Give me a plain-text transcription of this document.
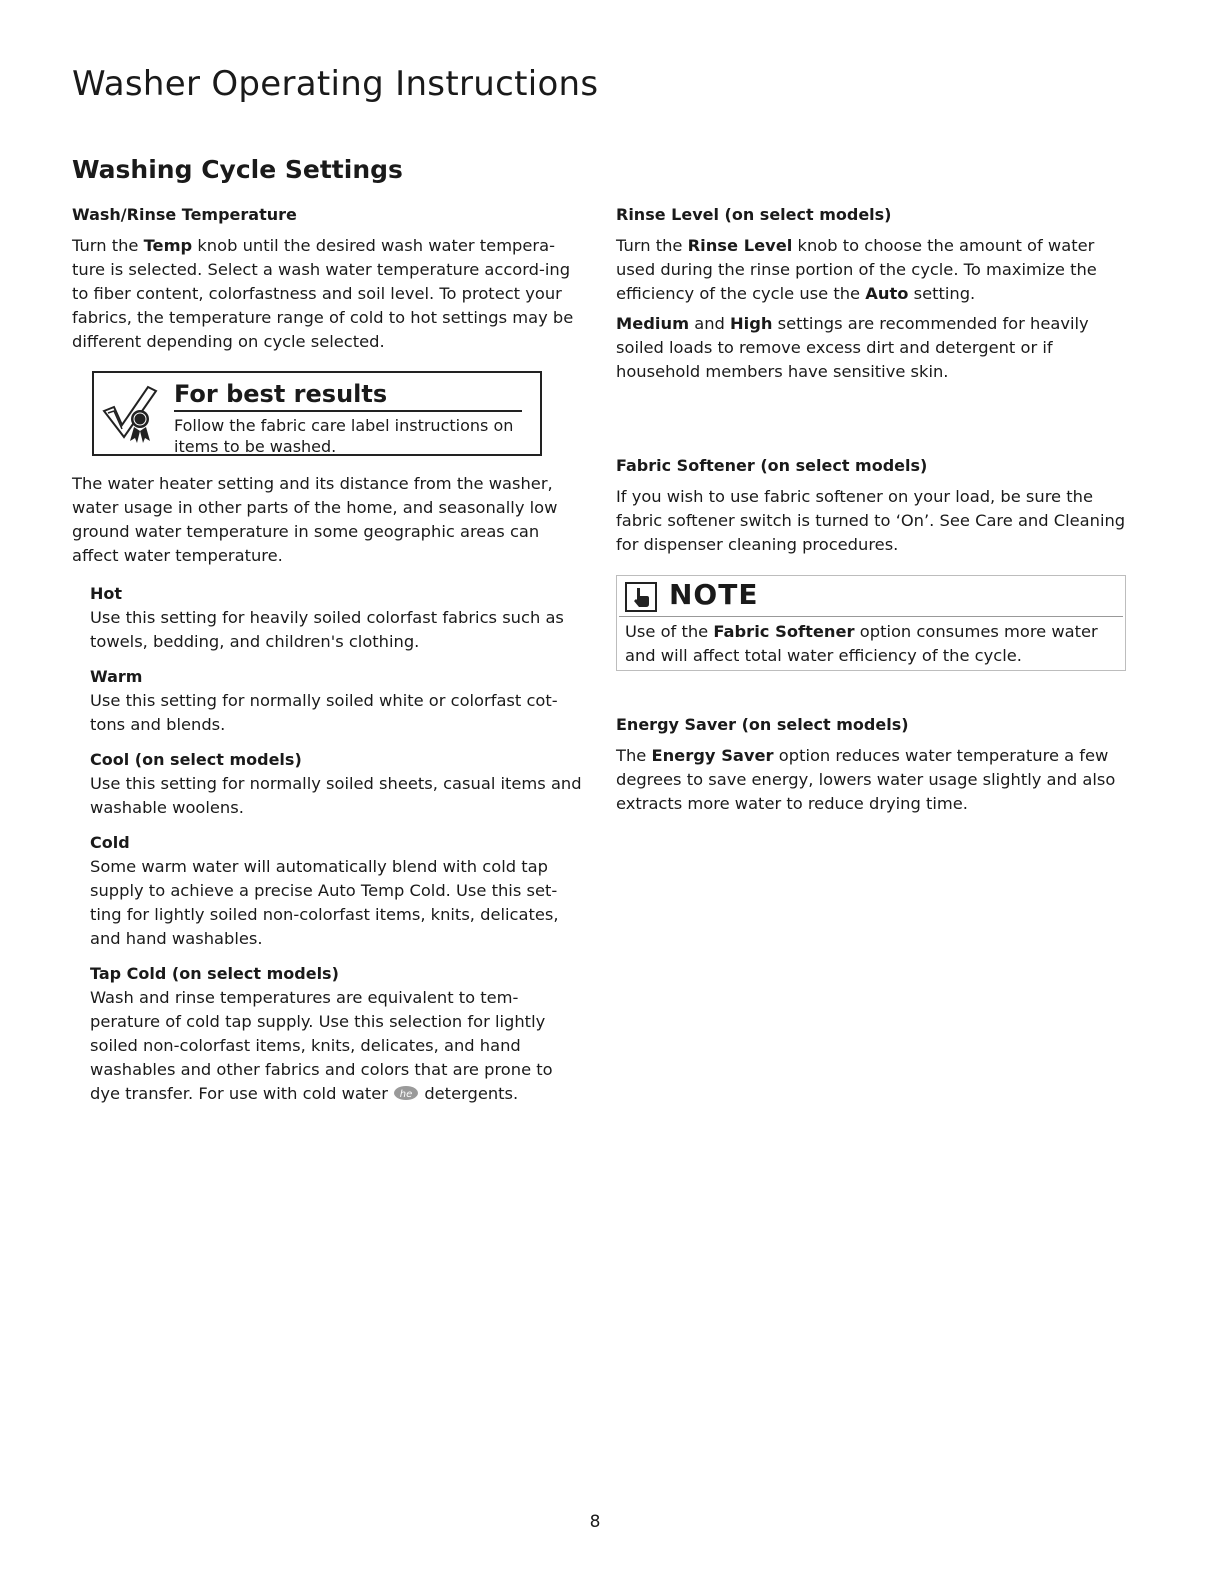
Washer Operating Instructions
Washing Cycle Settings
Wash/Rinse Temperature

Turn the Temp knob until the desired wash water tempera-ture is selected. Select a wash water temperature accord-ing to fiber content, colorfastness and soil level. To protect your fabrics, the temperature range of cold to hot settings may be different depending on cycle selected.

For best results
Follow the fabric care label instructions on items to be washed.

The water heater setting and its distance from the washer, water usage in other parts of the home, and seasonally low ground water temperature in some geographic areas can affect water temperature.

Hot

Use this setting for heavily soiled colorfast fabrics such as towels, bedding, and children's clothing.

Warm

Use this setting for normally soiled white or colorfast cot-tons and blends.

Cool (on select models)

Use this setting for normally soiled sheets, casual items and washable woolens.

Cold

Some warm water will automatically blend with cold tap supply to achieve a precise Auto Temp Cold. Use this set-ting for lightly soiled non-colorfast items, knits, delicates, and hand washables.

Tap Cold (on select models)

Wash and rinse temperatures are equivalent to tem-perature of cold tap supply. Use this selection for lightly soiled non-colorfast items, knits, delicates, and hand washables and other fabrics and colors that are prone to dye transfer. For use with cold water he detergents.

Rinse Level (on select models)

Turn the Rinse Level knob to choose the amount of water used during the rinse portion of the cycle. To maximize the efficiency of the cycle use the Auto setting.

Medium and High settings are recommended for heavily soiled loads to remove excess dirt and detergent or if household members have sensitive skin.

Fabric Softener (on select models)

If you wish to use fabric softener on your load, be sure the fabric softener switch is turned to ‘On’. See Care and Cleaning for dispenser cleaning procedures.

NOTE
Use of the Fabric Softener option consumes more water and will affect total water efficiency of the cycle.
Energy Saver (on select models)

The Energy Saver option reduces water temperature a few degrees to save energy, lowers water usage slightly and also extracts more water to reduce drying time.

8
